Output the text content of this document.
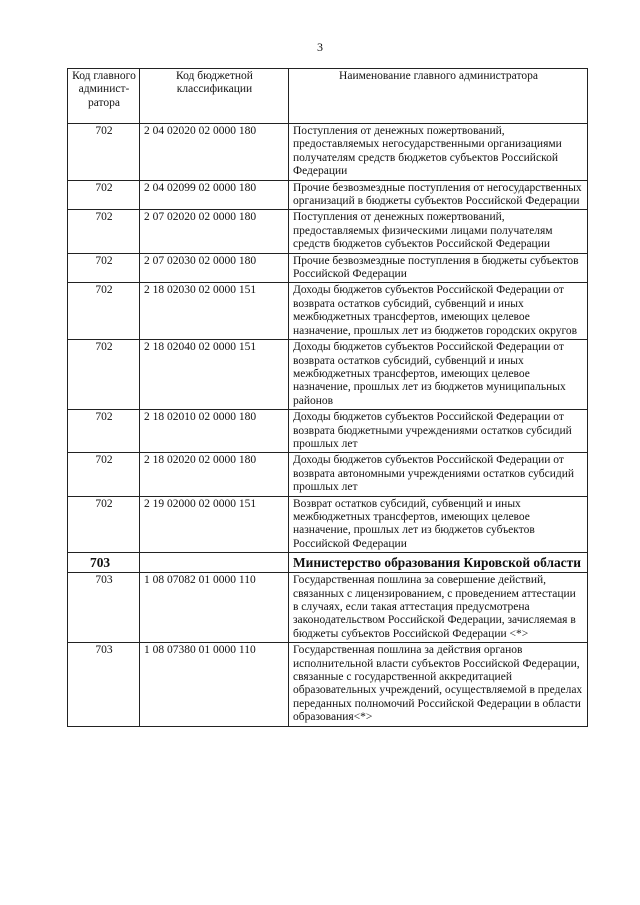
3
Код главного админист-ратора	Код бюджетной классификации	Наименование главного администратора
702	2 04 02020 02 0000 180	Поступления от денежных пожертвований, предоставляемых негосударственными организациями получателям средств бюджетов субъектов Российской Федерации
702	2 04 02099 02 0000 180	Прочие безвозмездные поступления от негосударственных организаций в бюджеты субъектов Российской Федерации
702	2 07 02020 02 0000 180	Поступления от денежных пожертвований, предоставляемых физическими лицами получателям средств бюджетов субъектов Российской Федерации
702	2 07 02030 02 0000 180	Прочие безвозмездные поступления в бюджеты субъектов Российской Федерации
702	2 18 02030 02 0000 151	Доходы бюджетов субъектов Российской Федерации от возврата остатков субсидий, субвенций и иных межбюджетных трансфертов, имеющих целевое назначение, прошлых лет из бюджетов городских округов
702	2 18 02040 02 0000 151	Доходы бюджетов субъектов Российской Федерации от возврата остатков субсидий, субвенций и иных межбюджетных трансфертов, имеющих целевое назначение, прошлых лет из бюджетов муниципальных районов
702	2 18 02010 02 0000 180	Доходы бюджетов субъектов Российской Федерации от возврата бюджетными учреждениями остатков субсидий прошлых лет
702	2 18 02020 02 0000 180	Доходы бюджетов субъектов Российской Федерации от возврата автономными учреждениями остатков субсидий прошлых лет
702	2 19 02000 02 0000 151	Возврат остатков субсидий, субвенций и иных межбюджетных трансфертов, имеющих целевое назначение, прошлых лет из бюджетов субъектов Российской Федерации
703		Министерство образования Кировской области
703	1 08 07082 01 0000 110	Государственная пошлина за совершение действий, связанных с лицензированием, с проведением аттестации в случаях, если такая аттестация предусмотрена законодательством Российской Федерации, зачисляемая в бюджеты субъектов Российской Федерации <*>
703	1 08 07380 01 0000 110	Государственная пошлина за действия органов исполнительной власти субъектов Российской Федерации, связанные с государственной аккредитацией образовательных учреждений, осуществляемой в пределах переданных полномочий Российской Федерации в области образования<*>
